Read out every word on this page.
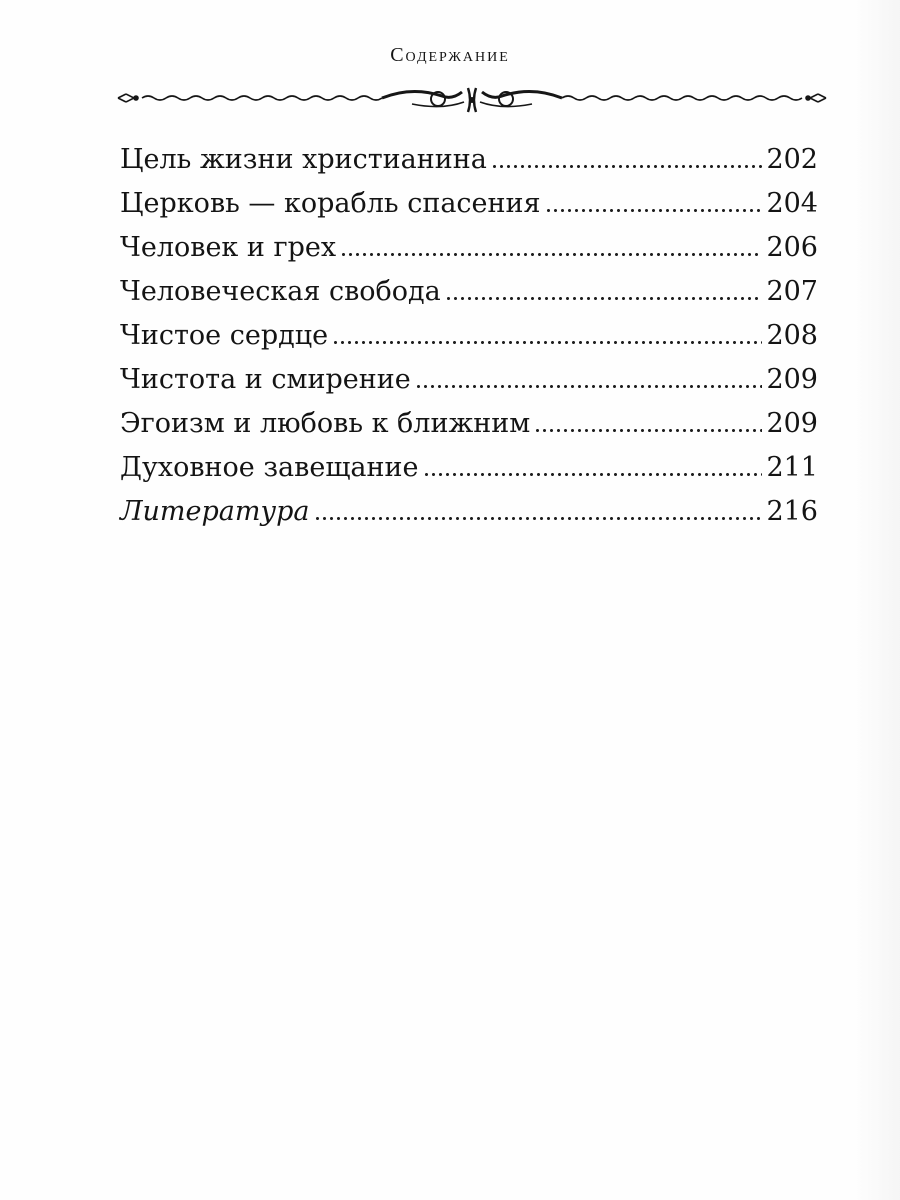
Содержание
Цель жизни христианина	202
Церковь — корабль спасения	204
Человек и грех	206
Человеческая свобода	207
Чистое сердце	208
Чистота и смирение	209
Эгоизм и любовь к ближним	209
Духовное завещание	211
Литература	216
